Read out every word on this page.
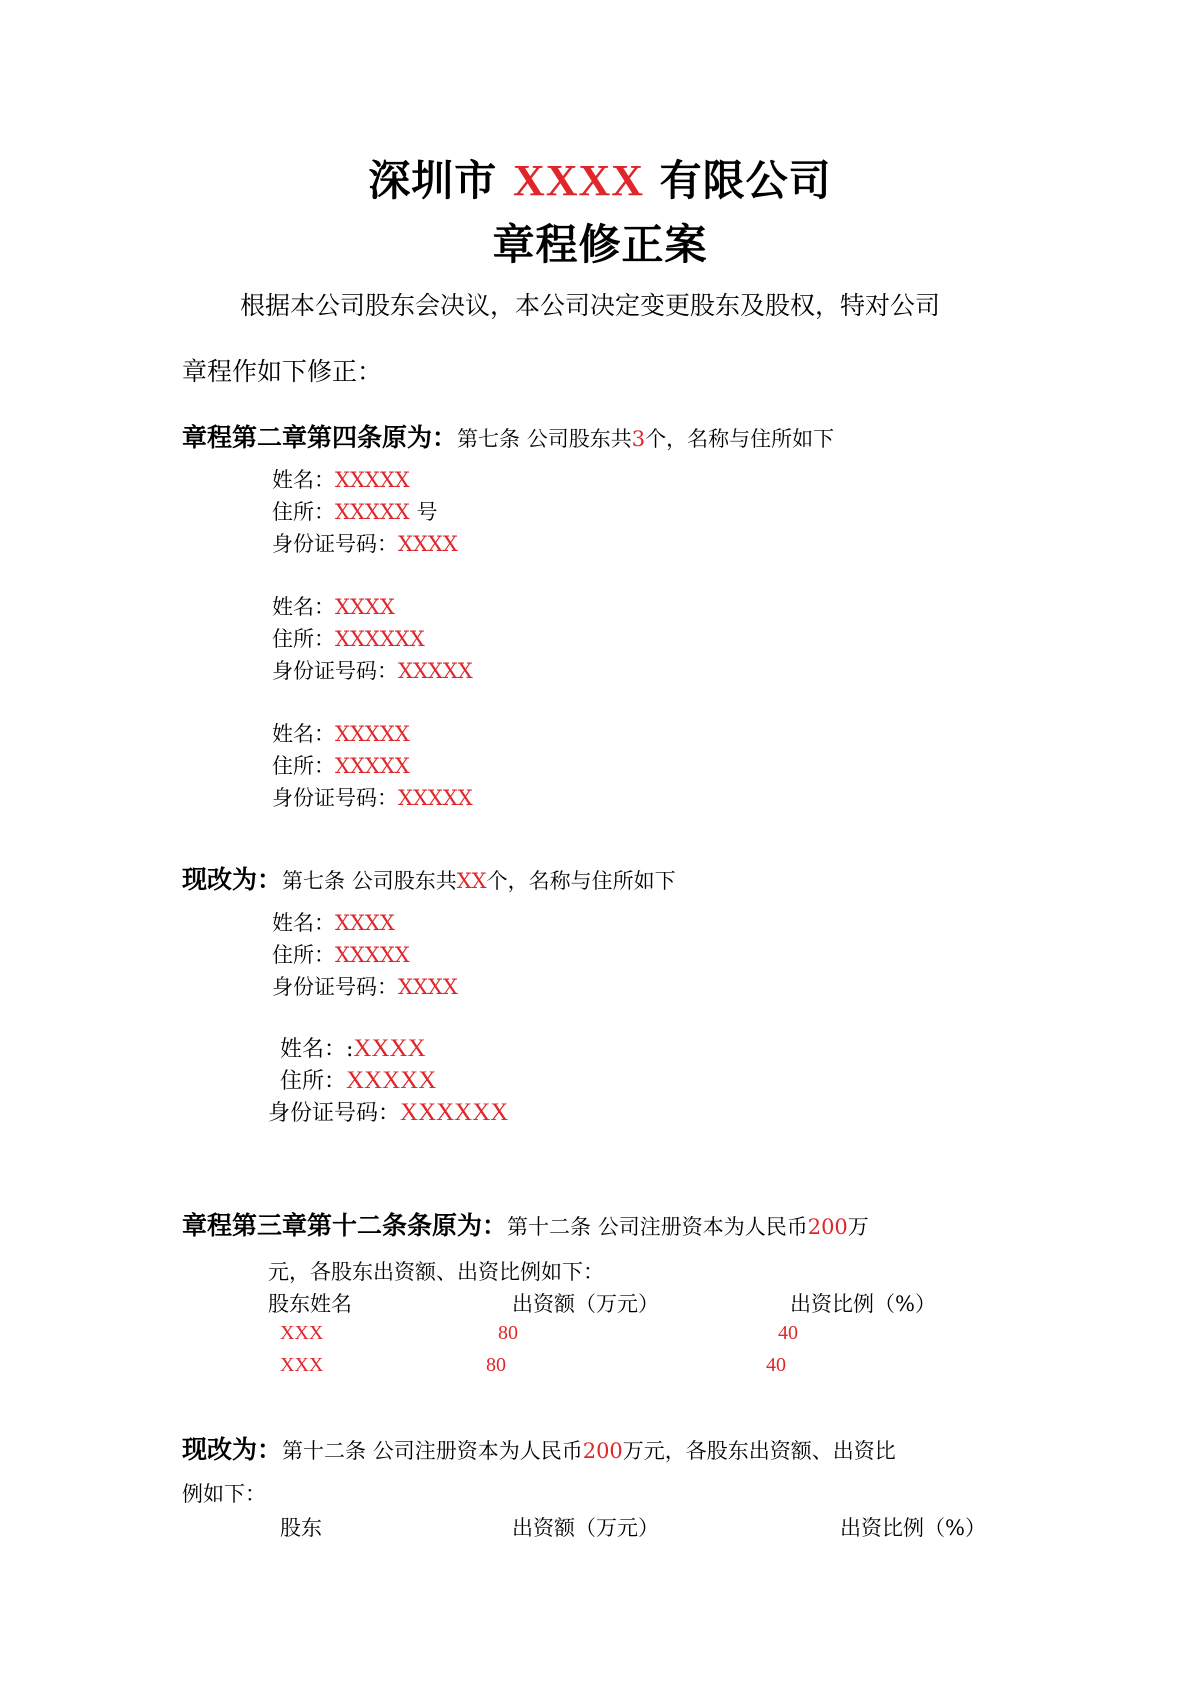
深圳市 XXXX 有限公司
章程修正案
根据本公司股东会决议，本公司决定变更股东及股权，特对公司
章程作如下修正：
章程第二章第四条原为：第七条 公司股东共3个，名称与住所如下
姓名：XXXXX
住所：XXXXX 号
身份证号码：XXXX
姓名：XXXX
住所：XXXXXX
身份证号码：XXXXX
姓名：XXXXX
住所：XXXXX
身份证号码：XXXXX
现改为：第七条 公司股东共XX个，名称与住所如下
姓名：XXXX
住所：XXXXX
身份证号码：XXXX
姓名：:XXXX
住所：XXXXX
身份证号码：XXXXXX
章程第三章第十二条条原为：第十二条 公司注册资本为人民币200万
元，各股东出资额、出资比例如下：
股东姓名	出资额（万元）	出资比例（%）
XXX	80	40
XXX	80	40
现改为：第十二条 公司注册资本为人民币200万元，各股东出资额、出资比
例如下：
股东	出资额（万元）	出资比例（%）
